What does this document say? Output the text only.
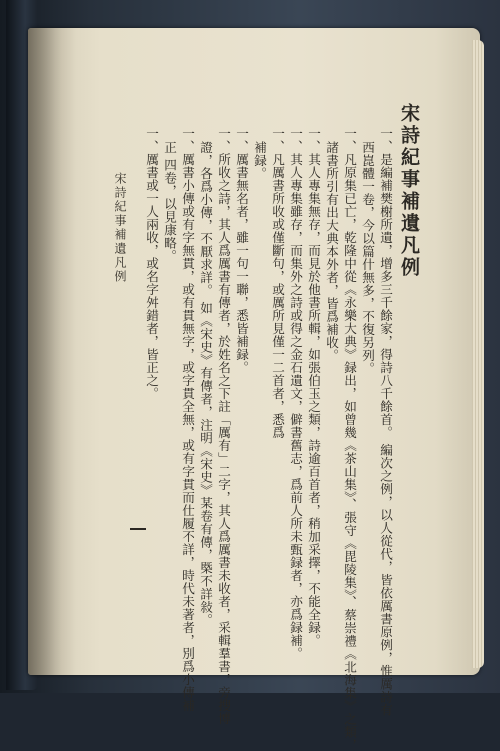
宋詩紀事補遺凡例
一、是編補樊榭所遺，增多三千餘家，得詩八千餘首。 編次之例，以人從代，皆依厲書原例，惟厲詩有
西崑體一卷，今以篇什無多，不復另列。
一、凡原集已亡，乾隆中從《永樂大典》録出，如曾幾《茶山集》、張守《毘陵集》、蔡崇禮《北海集》之類，
諸書所引有出大典本外者，皆爲補收。
一、其人專集無存，而見於他書所輯，如張伯玉之類，詩逾百首者，稍加采擇，不能全録。
一、其人專集雖存，而集外之詩或得之金石遺文，僻書舊志，爲前人所未甄録者，亦爲録補。
一、凡厲書所收或僅斷句，或厲所見僅一二首者，悉爲
補録。
一、厲書無名者，雖一句一聯，悉皆補録。
一、所收之詩，其人爲厲書有傳者，於姓名之下註「厲有」二字，其人爲厲書未收者，采輯羣書，旁搜博
證，各爲小傳，不厭求詳。 如《宋史》有傳者，注明《宋史》某卷有傳，槩不詳敍。
一、厲書小傳或有字無貫，或有貫無字，或字貫全無，或有字貫而仕履不詳，時代未著者，別爲小傳補
正 四卷，以見康略。
一、厲書或一人兩收，或名字舛錯者，皆正之。
宋詩紀事補遺凡例
